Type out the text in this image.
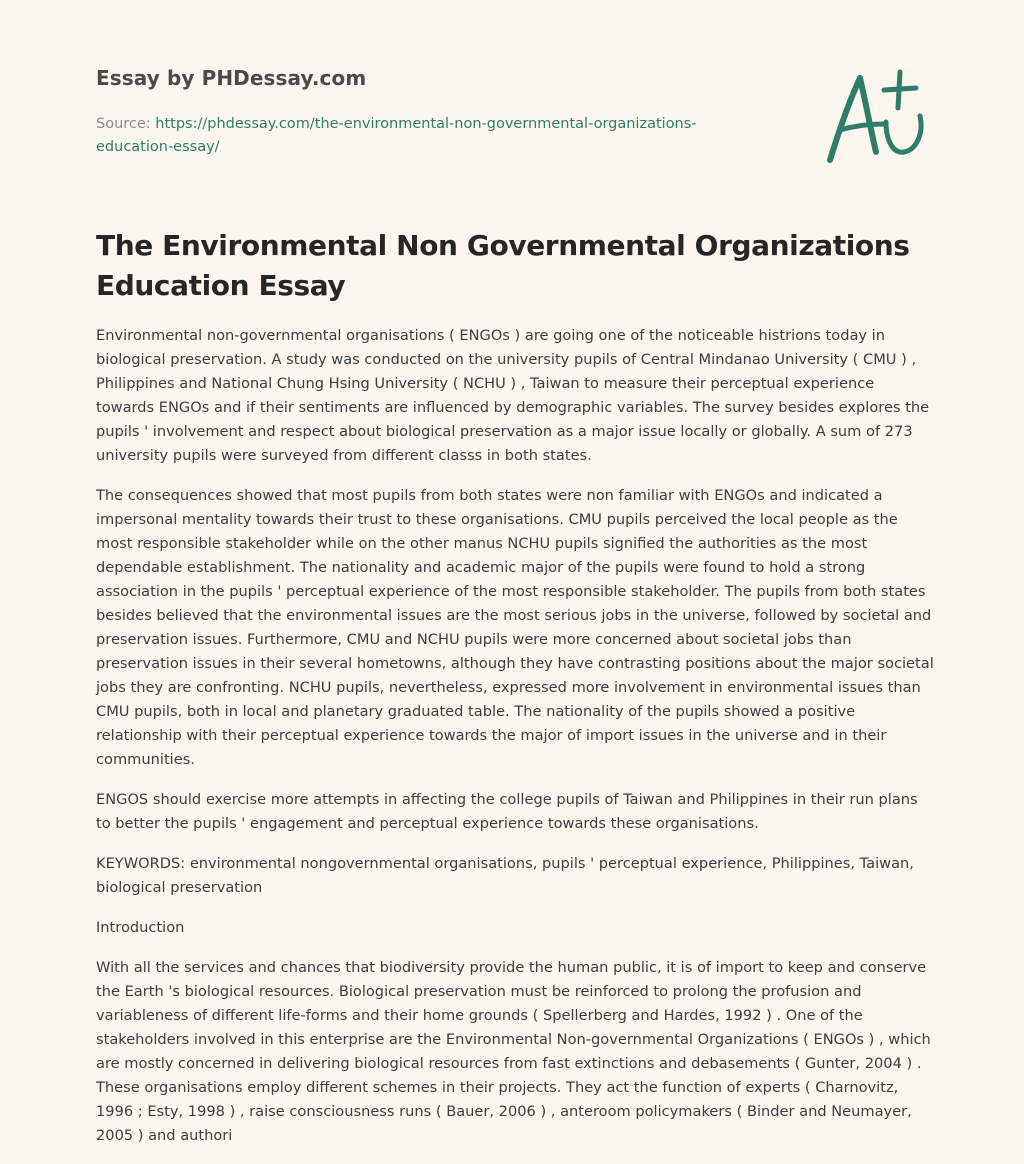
Essay by PHDessay.com
Source: https://phdessay.com/the-environmental-non-governmental-organizations-education-essay/
The Environmental Non Governmental Organizations Education Essay

Environmental non-governmental organisations ( ENGOs ) are going one of the noticeable histrions today in biological preservation. A study was conducted on the university pupils of Central Mindanao University ( CMU ) , Philippines and National Chung Hsing University ( NCHU ) , Taiwan to measure their perceptual experience towards ENGOs and if their sentiments are influenced by demographic variables. The survey besides explores the pupils ' involvement and respect about biological preservation as a major issue locally or globally. A sum of 273 university pupils were surveyed from different classs in both states.

The consequences showed that most pupils from both states were non familiar with ENGOs and indicated a impersonal mentality towards their trust to these organisations. CMU pupils perceived the local people as the most responsible stakeholder while on the other manus NCHU pupils signified the authorities as the most dependable establishment. The nationality and academic major of the pupils were found to hold a strong association in the pupils ' perceptual experience of the most responsible stakeholder. The pupils from both states besides believed that the environmental issues are the most serious jobs in the universe, followed by societal and preservation issues. Furthermore, CMU and NCHU pupils were more concerned about societal jobs than preservation issues in their several hometowns, although they have contrasting positions about the major societal jobs they are confronting. NCHU pupils, nevertheless, expressed more involvement in environmental issues than CMU pupils, both in local and planetary graduated table. The nationality of the pupils showed a positive relationship with their perceptual experience towards the major of import issues in the universe and in their communities.

ENGOS should exercise more attempts in affecting the college pupils of Taiwan and Philippines in their run plans to better the pupils ' engagement and perceptual experience towards these organisations.

KEYWORDS: environmental nongovernmental organisations, pupils ' perceptual experience, Philippines, Taiwan, biological preservation

Introduction

With all the services and chances that biodiversity provide the human public, it is of import to keep and conserve the Earth 's biological resources. Biological preservation must be reinforced to prolong the profusion and variableness of different life-forms and their home grounds ( Spellerberg and Hardes, 1992 ) . One of the stakeholders involved in this enterprise are the Environmental Non-governmental Organizations ( ENGOs ) , which are mostly concerned in delivering biological resources from fast extinctions and debasements ( Gunter, 2004 ) . These organisations employ different schemes in their projects. They act the function of experts ( Charnovitz, 1996 ; Esty, 1998 ) , raise consciousness runs ( Bauer, 2006 ) , anteroom policymakers ( Binder and Neumayer, 2005 ) and authori
